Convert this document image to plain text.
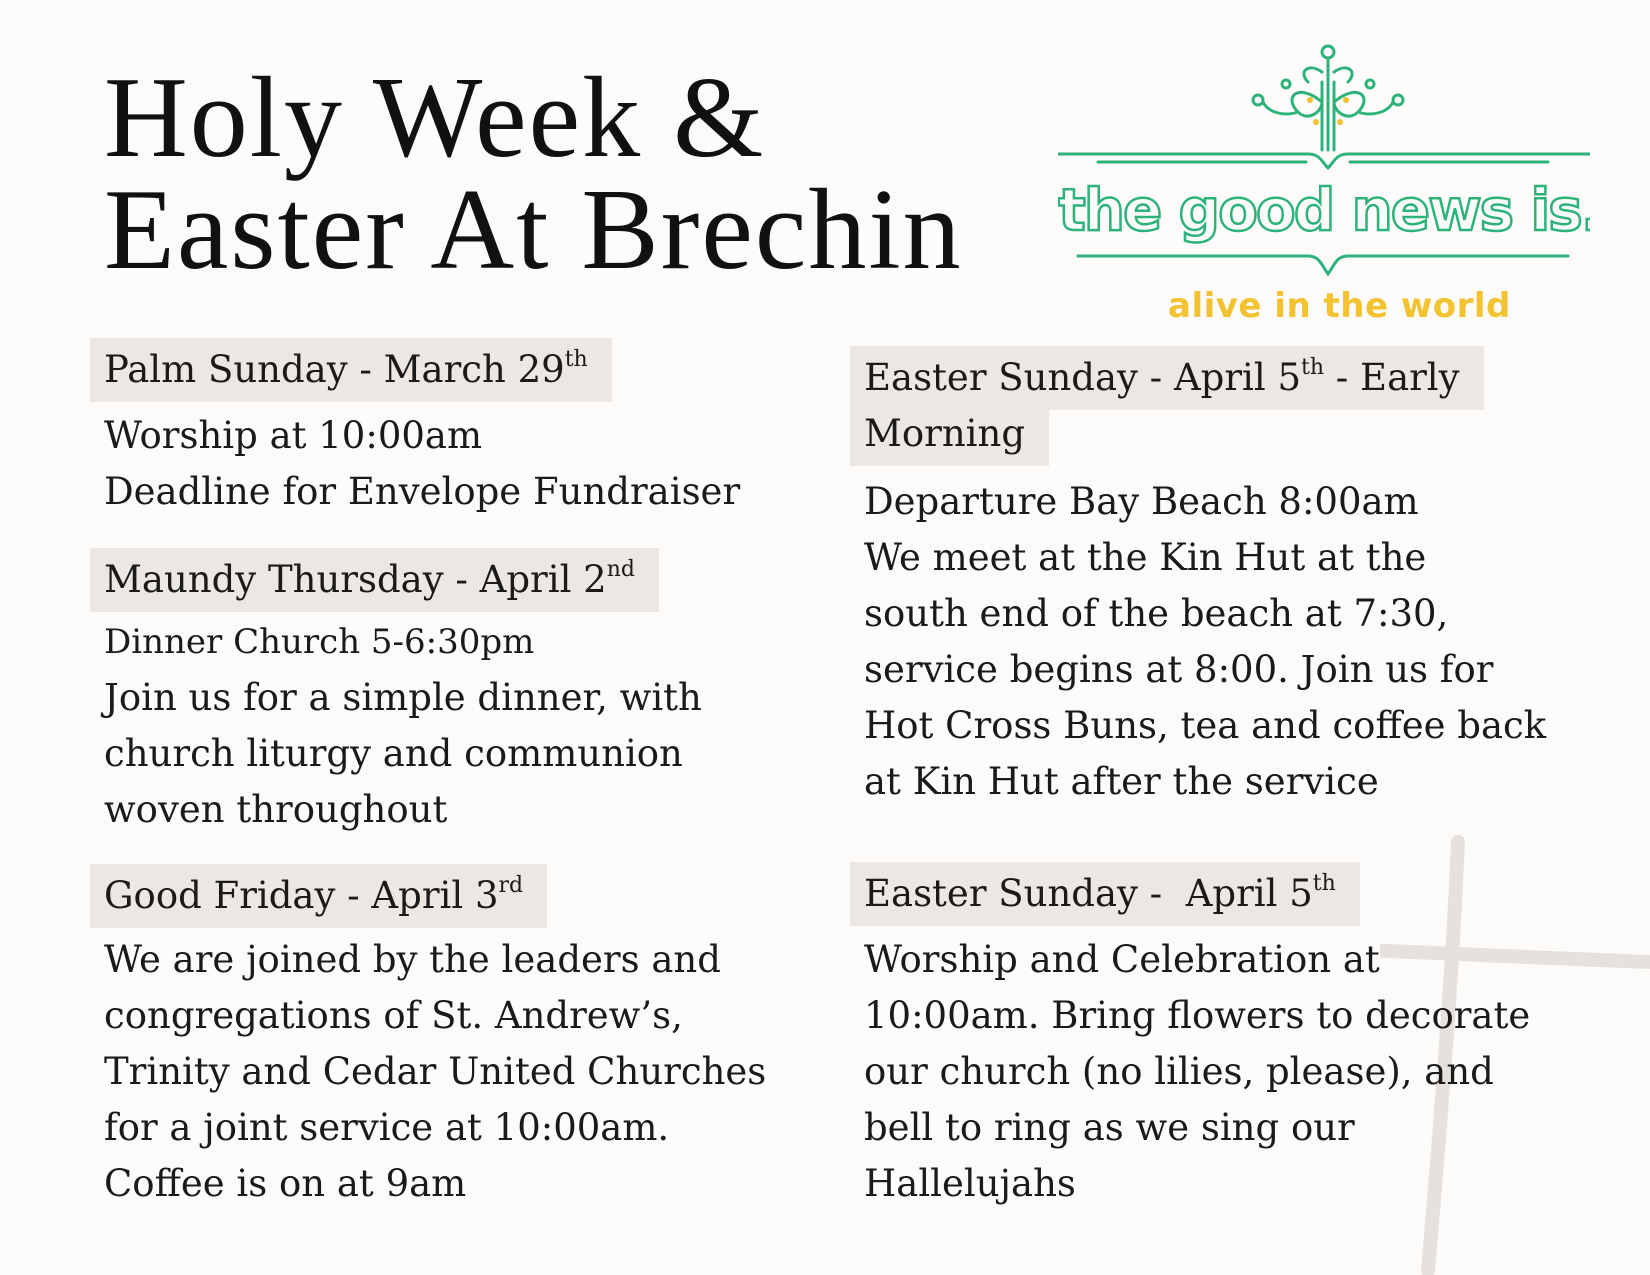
Holy Week &
Easter At Brechin the good news is...
alive in the world
Palm Sunday - March 29th
Worship at 10:00am
Deadline for Envelope Fundraiser
Maundy Thursday - April 2nd
Dinner Church 5-6:30pm
Join us for a simple dinner, with
church liturgy and communion
woven throughout
Good Friday - April 3rd
We are joined by the leaders and
congregations of St. Andrew’s,
Trinity and Cedar United Churches
for a joint service at 10:00am.
Coffee is on at 9am
Easter Sunday - April 5th - Early
Morning
Departure Bay Beach 8:00am
We meet at the Kin Hut at the
south end of the beach at 7:30,
service begins at 8:00. Join us for
Hot Cross Buns, tea and coffee back
at Kin Hut after the service
Easter Sunday -  April 5th
Worship and Celebration at
10:00am. Bring flowers to decorate
our church (no lilies, please), and
bell to ring as we sing our
Hallelujahs
